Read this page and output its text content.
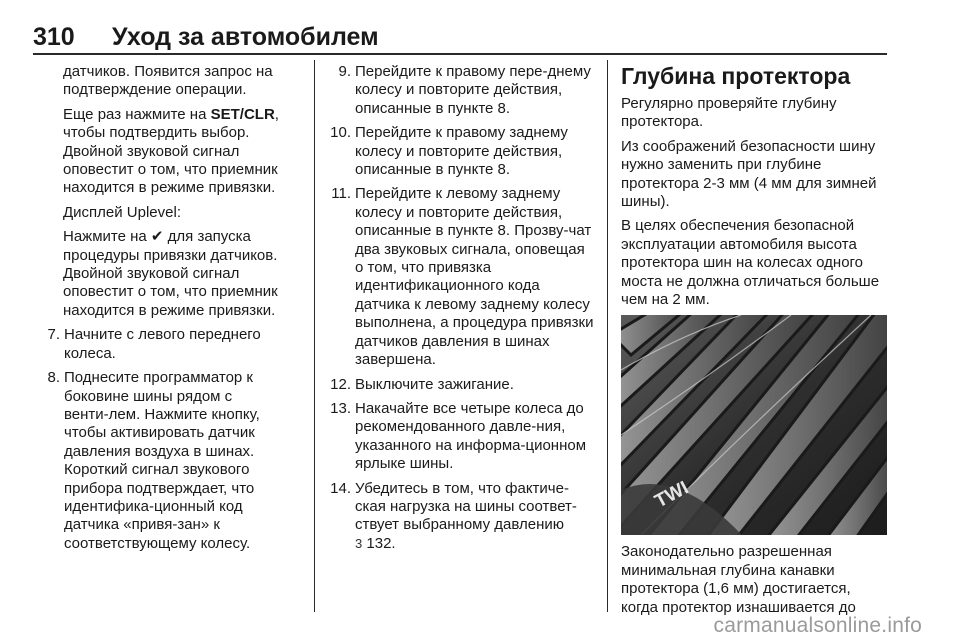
310 Уход за автомобилем

датчиков. Появится запрос на подтверждение операции.

Еще раз нажмите на SET/CLR, чтобы подтвердить выбор. Двойной звуковой сигнал оповестит о том, что приемник находится в режиме привязки.

Дисплей Uplevel:

Нажмите на ✔ для запуска процедуры привязки датчиков. Двойной звуковой сигнал оповестит о том, что приемник находится в режиме привязки.

7. Начните с левого переднего колеса.
8. Поднесите программатор к боковине шины рядом с венти-лем. Нажмите кнопку, чтобы активировать датчик давления воздуха в шинах. Короткий сигнал звукового прибора подтверждает, что идентифика-ционный код датчика «привя-зан» к соответствующему колесу.
9. Перейдите к правому пере-днему колесу и повторите действия, описанные в пункте 8.
10. Перейдите к правому заднему колесу и повторите действия, описанные в пункте 8.
11. Перейдите к левому заднему колесу и повторите действия, описанные в пункте 8. Прозву-чат два звуковых сигнала, оповещая о том, что привязка идентификационного кода датчика к левому заднему колесу выполнена, а процедура привязки датчиков давления в шинах завершена.
12. Выключите зажигание.
13. Накачайте все четыре колеса до рекомендованного давле-ния, указанного на информа-ционном ярлыке шины.
14. Убедитесь в том, что фактиче-ская нагрузка на шины соответ-ствует выбранному давлению
3 132.
Глубина протектора

Регулярно проверяйте глубину протектора.

Из соображений безопасности шину нужно заменить при глубине протектора 2-3 мм (4 мм для зимней шины).

В целях обеспечения безопасной эксплуатации автомобиля высота протектора шин на колесах одного моста не должна отличаться больше чем на 2 мм.

TWI

Законодательно разрешенная минимальная глубина канавки протектора (1,6 мм) достигается, когда протектор изнашивается до

carmanualsonline.info
